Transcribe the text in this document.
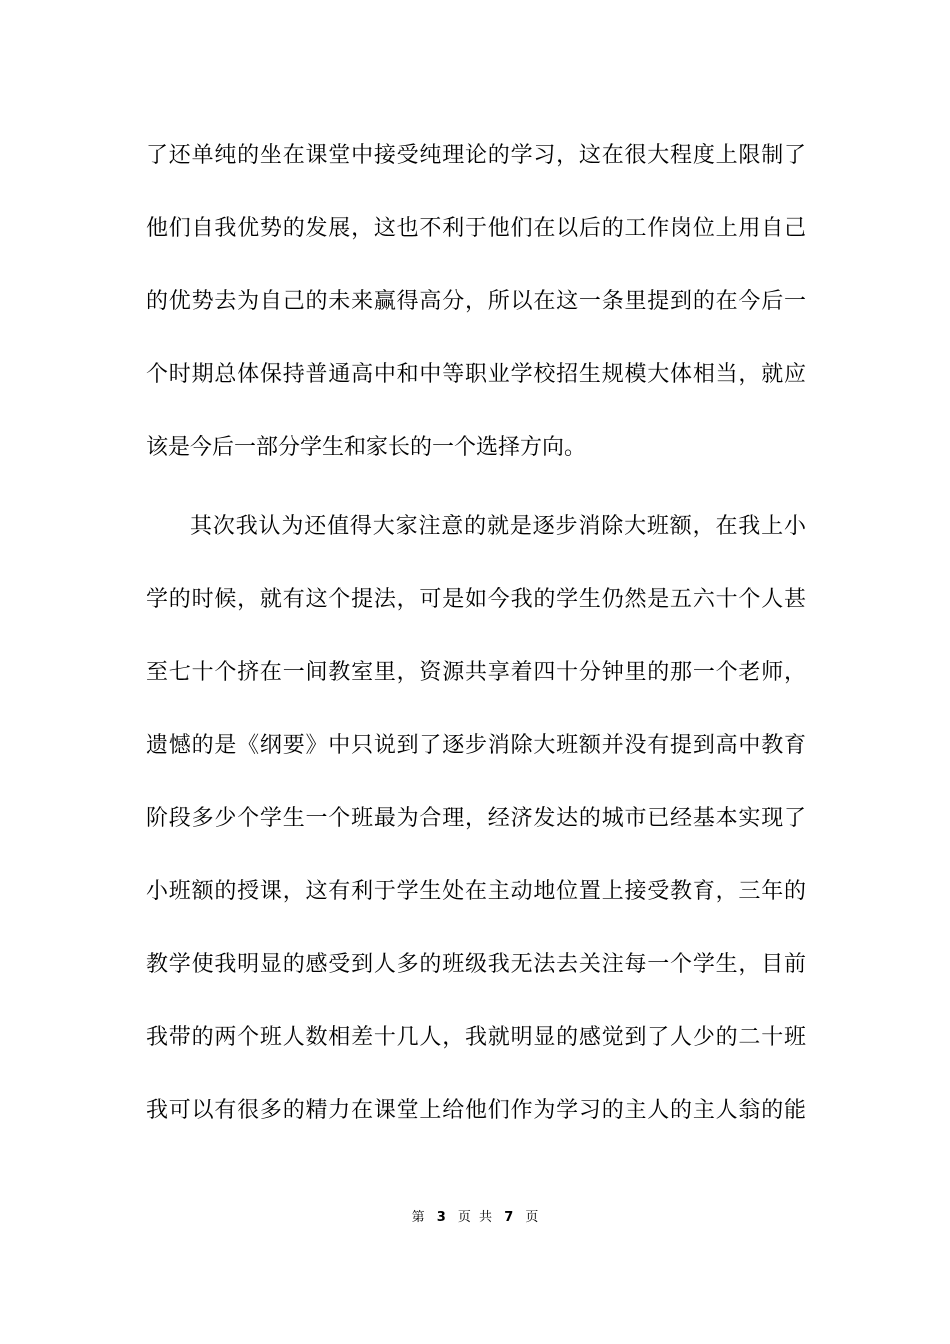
了还单纯的坐在课堂中接受纯理论的学习，这在很大程度上限制了

他们自我优势的发展，这也不利于他们在以后的工作岗位上用自己

的优势去为自己的未来赢得高分，所以在这一条里提到的在今后一

个时期总体保持普通高中和中等职业学校招生规模大体相当，就应

该是今后一部分学生和家长的一个选择方向。

其次我认为还值得大家注意的就是逐步消除大班额，在我上小

学的时候，就有这个提法，可是如今我的学生仍然是五六十个人甚

至七十个挤在一间教室里，资源共享着四十分钟里的那一个老师，

遗憾的是《纲要》中只说到了逐步消除大班额并没有提到高中教育

阶段多少个学生一个班最为合理，经济发达的城市已经基本实现了

小班额的授课，这有利于学生处在主动地位置上接受教育，三年的

教学使我明显的感受到人多的班级我无法去关注每一个学生，目前

我带的两个班人数相差十几人，我就明显的感觉到了人少的二十班

我可以有很多的精力在课堂上给他们作为学习的主人的主人翁的能

第 3 页 共 7 页
